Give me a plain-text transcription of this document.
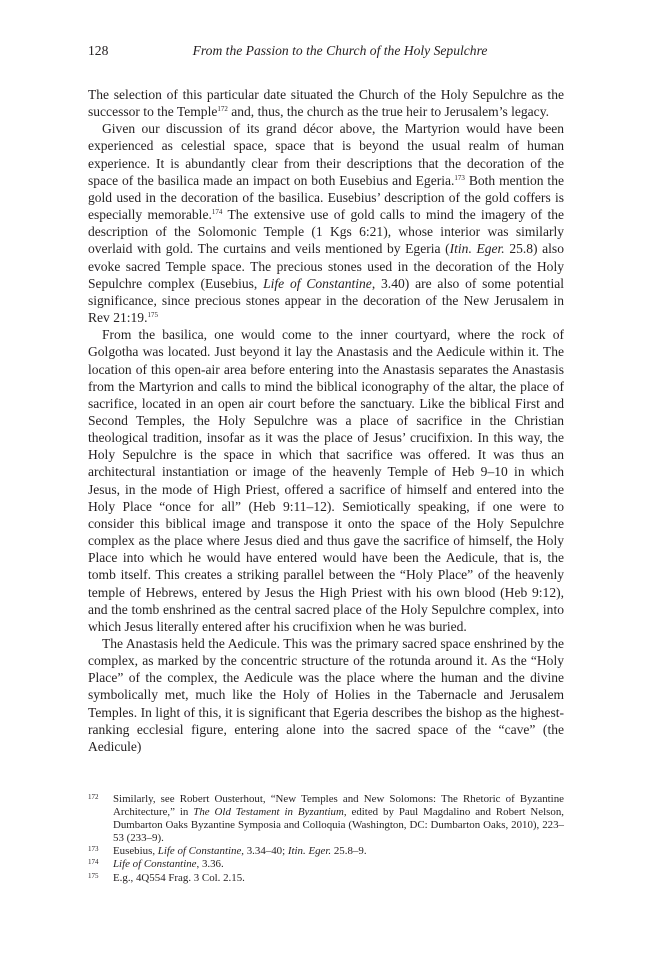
128	From the Passion to the Church of the Holy Sepulchre

The selection of this particular date situated the Church of the Holy Sepulchre as the successor to the Temple$^{172}$ and, thus, the church as the true heir to Jerusalem’s legacy.

Given our discussion of its grand décor above, the Martyrion would have been experienced as celestial space, space that is beyond the usual realm of human experience. It is abundantly clear from their descriptions that the decoration of the space of the basilica made an impact on both Eusebius and Egeria.$^{173}$ Both mention the gold used in the decoration of the basilica. Eusebius’ description of the gold coffers is especially memorable.$^{174}$ The extensive use of gold calls to mind the imagery of the description of the Solomonic Temple (1 Kgs 6:21), whose interior was similarly overlaid with gold. The curtains and veils mentioned by Egeria (Itin. Eger. 25.8) also evoke sacred Temple space. The precious stones used in the decoration of the Holy Sepulchre complex (Eusebius, Life of Constantine, 3.40) are also of some potential significance, since precious stones appear in the decoration of the New Jerusalem in Rev 21:19.$^{175}$

From the basilica, one would come to the inner courtyard, where the rock of Golgotha was located. Just beyond it lay the Anastasis and the Aedicule within it. The location of this open-air area before entering into the Anastasis separates the Anastasis from the Martyrion and calls to mind the biblical iconography of the altar, the place of sacrifice, located in an open air court before the sanctuary. Like the biblical First and Second Temples, the Holy Sepulchre was a place of sacrifice in the Christian theological tradition, insofar as it was the place of Jesus’ crucifixion. In this way, the Holy Sepulchre is the space in which that sacrifice was offered. It was thus an architectural instantiation or image of the heavenly Temple of Heb 9–10 in which Jesus, in the mode of High Priest, offered a sacrifice of himself and entered into the Holy Place “once for all” (Heb 9:11–12). Semiotically speaking, if one were to consider this biblical image and transpose it onto the space of the Holy Sepulchre complex as the place where Jesus died and thus gave the sacrifice of himself, the Holy Place into which he would have entered would have been the Aedicule, that is, the tomb itself. This creates a striking parallel between the “Holy Place” of the heavenly temple of Hebrews, entered by Jesus the High Priest with his own blood (Heb 9:12), and the tomb enshrined as the central sacred place of the Holy Sepulchre complex, into which Jesus literally entered after his crucifixion when he was buried.

The Anastasis held the Aedicule. This was the primary sacred space enshrined by the complex, as marked by the concentric structure of the rotunda around it. As the “Holy Place” of the complex, the Aedicule was the place where the human and the divine symbolically met, much like the Holy of Holies in the Tabernacle and Jerusalem Temples. In light of this, it is significant that Egeria describes the bishop as the highest-ranking ecclesial figure, entering alone into the sacred space of the “cave” (the Aedicule)

172 Similarly, see Robert Ousterhout, “New Temples and New Solomons: The Rhetoric of Byzantine Architecture,” in The Old Testament in Byzantium, edited by Paul Magdalino and Robert Nelson, Dumbarton Oaks Byzantine Symposia and Colloquia (Washington, DC: Dumbarton Oaks, 2010), 223–53 (233–9).
173 Eusebius, Life of Constantine, 3.34–40; Itin. Eger. 25.8–9.
174 Life of Constantine, 3.36.
175 E.g., 4Q554 Frag. 3 Col. 2.15.
